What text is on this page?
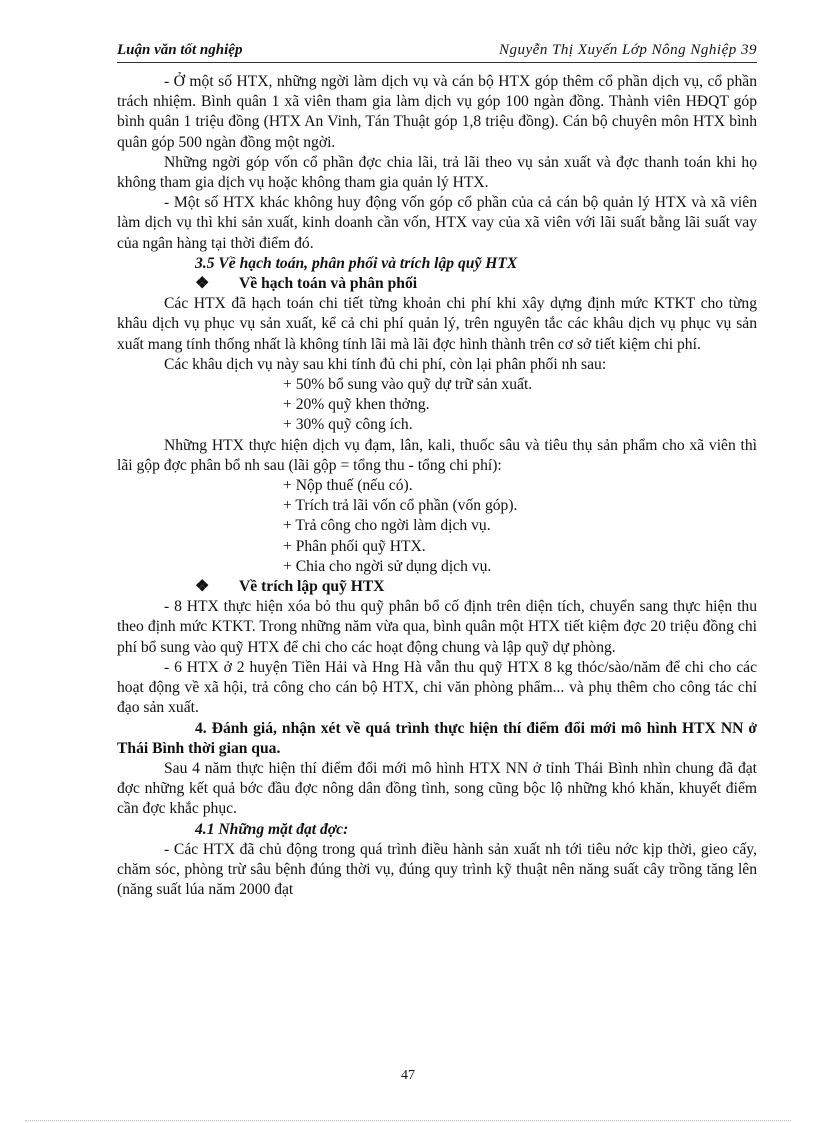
Luận văn tốt nghiệp	Nguyễn Thị Xuyến Lớp Nông Nghiệp 39

- Ở một số HTX, những ngời làm dịch vụ và cán bộ HTX góp thêm cổ phần dịch vụ, cổ phần trách nhiệm. Bình quân 1 xã viên tham gia làm dịch vụ góp 100 ngàn đồng. Thành viên HĐQT góp bình quân 1 triệu đồng (HTX An Vinh, Tán Thuật góp 1,8 triệu đồng). Cán bộ chuyên môn HTX bình quân góp 500 ngàn đồng một ngời.

Những ngời góp vốn cổ phần đợc chia lãi, trả lãi theo vụ sản xuất và đợc thanh toán khi họ không tham gia dịch vụ hoặc không tham gia quản lý HTX.

- Một số HTX khác không huy động vốn góp cổ phần của cả cán bộ quản lý HTX và xã viên làm dịch vụ thì khi sản xuất, kinh doanh cần vốn, HTX vay của xã viên với lãi suất bằng lãi suất vay của ngân hàng tại thời điểm đó.

3.5 Về hạch toán, phân phối và trích lập quỹ HTX

❖ Về hạch toán và phân phối

Các HTX đã hạch toán chi tiết từng khoản chi phí khi xây dựng định mức KTKT cho từng khâu dịch vụ phục vụ sản xuất, kể cả chi phí quản lý, trên nguyên tắc các khâu dịch vụ phục vụ sản xuất mang tính thống nhất là không tính lãi mà lãi đợc hình thành trên cơ sở tiết kiệm chi phí.

Các khâu dịch vụ này sau khi tính đủ chi phí, còn lại phân phối nh sau:

+ 50% bổ sung vào quỹ dự trữ sản xuất.

+ 20% quỹ khen thởng.

+ 30% quỹ công ích.

Những HTX thực hiện dịch vụ đạm, lân, kali, thuốc sâu và tiêu thụ sản phẩm cho xã viên thì lãi gộp đợc phân bổ nh sau (lãi gộp = tổng thu - tổng chi phí):

+ Nộp thuế (nếu có).

+ Trích trả lãi vốn cổ phần (vốn góp).

+ Trả công cho ngời làm dịch vụ.

+ Phân phối quỹ HTX.

+ Chia cho ngời sử dụng dịch vụ.

❖ Về trích lập quỹ HTX

- 8 HTX thực hiện xóa bỏ thu quỹ phân bổ cố định trên diện tích, chuyển sang thực hiện thu theo định mức KTKT. Trong những năm vừa qua, bình quân một HTX tiết kiệm đợc 20 triệu đồng chi phí bổ sung vào quỹ HTX để chi cho các hoạt động chung và lập quỹ dự phòng.

- 6 HTX ở 2 huyện Tiền Hải và Hng Hà vẫn thu quỹ HTX 8 kg thóc/sào/năm để chi cho các hoạt động về xã hội, trả công cho cán bộ HTX, chi văn phòng phẩm... và phụ thêm cho công tác chỉ đạo sản xuất.

4. Đánh giá, nhận xét về quá trình thực hiện thí điểm đổi mới mô hình HTX NN ở Thái Bình thời gian qua.

Sau 4 năm thực hiện thí điểm đổi mới mô hình HTX NN ở tỉnh Thái Bình nhìn chung đã đạt đợc những kết quả bớc đầu đợc nông dân đồng tình, song cũng bộc lộ những khó khăn, khuyết điểm cần đợc khắc phục.

4.1 Những mặt đạt đợc:

- Các HTX đã chủ động trong quá trình điều hành sản xuất nh tới tiêu nớc kịp thời, gieo cấy, chăm sóc, phòng trừ sâu bệnh đúng thời vụ, đúng quy trình kỹ thuật nên năng suất cây trồng tăng lên (năng suất lúa năm 2000 đạt

47
